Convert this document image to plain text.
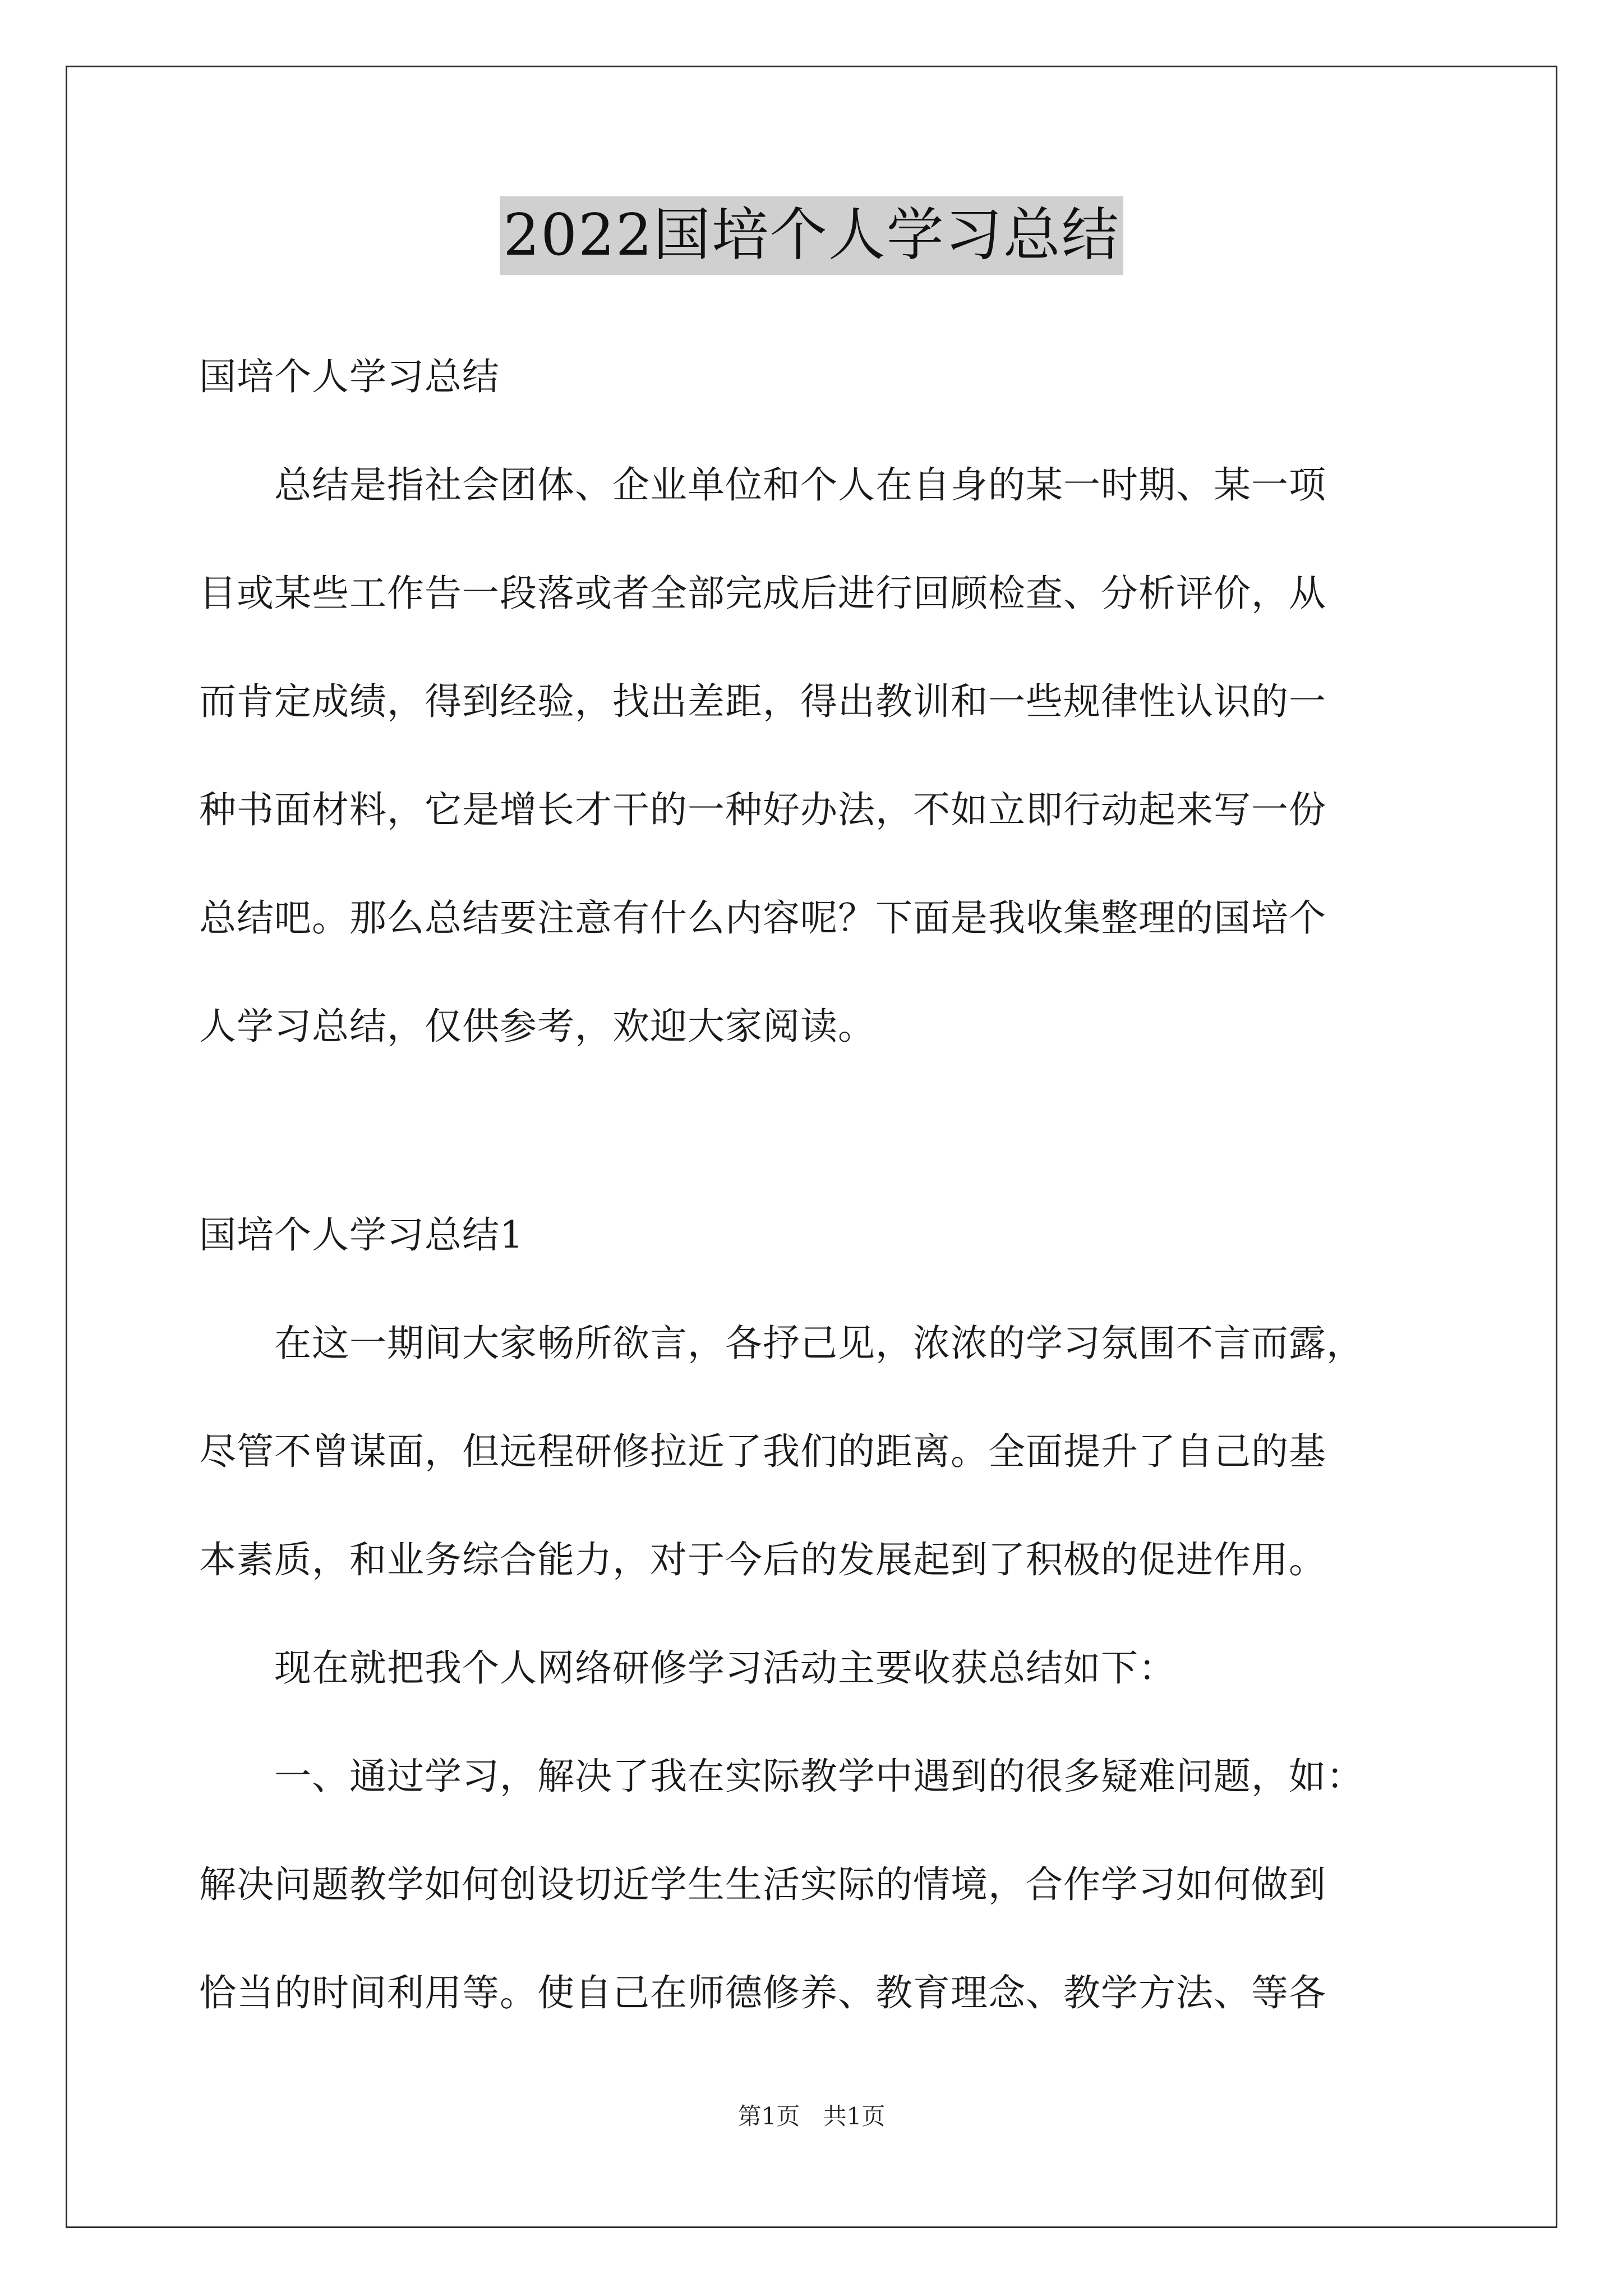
2022国培个人学习总结
国培个人学习总结
　　总结是指社会团体、企业单位和个人在自身的某一时期、某一项
目或某些工作告一段落或者全部完成后进行回顾检查、分析评价，从
而肯定成绩，得到经验，找出差距，得出教训和一些规律性认识的一
种书面材料，它是增长才干的一种好办法，不如立即行动起来写一份
总结吧。那么总结要注意有什么内容呢？下面是我收集整理的国培个
人学习总结，仅供参考，欢迎大家阅读。
国培个人学习总结1
　　在这一期间大家畅所欲言，各抒己见，浓浓的学习氛围不言而露，
尽管不曾谋面，但远程研修拉近了我们的距离。全面提升了自己的基
本素质，和业务综合能力，对于今后的发展起到了积极的促进作用。
　　现在就把我个人网络研修学习活动主要收获总结如下：
　　一、通过学习，解决了我在实际教学中遇到的很多疑难问题，如：
解决问题教学如何创设切近学生生活实际的情境，合作学习如何做到
恰当的时间利用等。使自己在师德修养、教育理念、教学方法、等各
第1页 共1页
